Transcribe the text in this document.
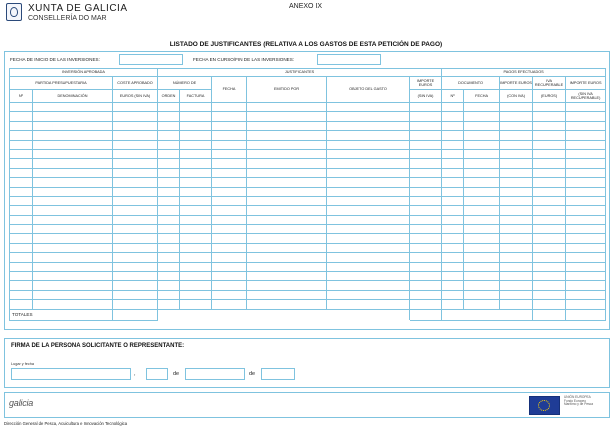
XUNTA DE GALICIA
CONSELLERÍA DO MAR
ANEXO IX
LISTADO DE JUSTIFICANTES (RELATIVA A LOS GASTOS DE ESTA PETICIÓN DE PAGO)
FECHA DE INICIO DE LAS INVERSIONES:	FECHA EN CURSO/FIN DE LAS INVERSIONES:
INVERSIÓN APROBADA			JUSTIFICANTES						PAGOS EFECTUADOS				
PARTIDA PRESUPUESTARIA		COSTE APROBADO	NÚMERO DE		FECHA	EMITIDO POR	OBJETO DEL GASTO	IMPORTE EUROS	DOCUMENTO		IMPORTE EUROS	IVA RECUPERABLE	IMPORTE EUROS
Nº	DENOMINACIÓN	EUROS (SIN IVA)	ORDEN	FACTURA				(SIN IVA)	Nº	FECHA	(CON IVA)	(EUROS)	(SIN IVA RECUPERABLE)

TOTALES													
FIRMA DE LA PERSONA SOLICITANTE O REPRESENTANTE:
Lugar y fecha
,	de	de
galicia
UNIÓN EUROPEA
Fondo Europeo
Marítimo y de Pesca
Dirección General de Pesca, Acuicultura e Innovación Tecnológica
